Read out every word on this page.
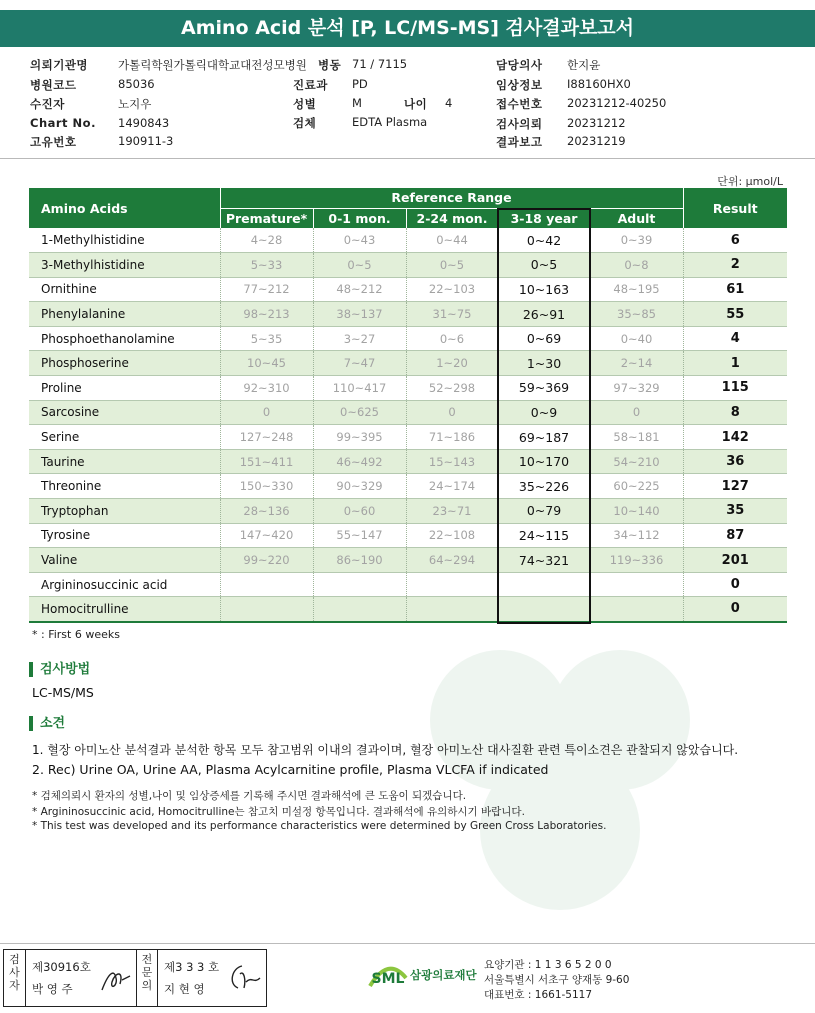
Amino Acid 분석 [P, LC/MS-MS] 검사결과보고서
의뢰기관명	가톨릭학원가톨릭대학교대전성모병원 병동 71 / 7115	담당의사 한지윤
병원코드	85036	진료과 PD	임상정보 I88160HX0
수진자	노지우	성별	M	나이 4	접수번호 20231212-40250
Chart No. 1490843	검체	EDTA Plasma	검사의뢰 20231212
고유번호	190911-3	결과보고 20231219
단위: μmol/L
Amino Acids	Reference Range					Result
	Premature*	0-1 mon.	2-24 mon.	3-18 year	Adult	
1-Methylhistidine	4~28	0~43	0~44	0~42	0~39	6
3-Methylhistidine	5~33	0~5	0~5	0~5	0~8	2
Ornithine	77~212	48~212	22~103	10~163	48~195	61
Phenylalanine	98~213	38~137	31~75	26~91	35~85	55
Phosphoethanolamine	5~35	3~27	0~6	0~69	0~40	4
Phosphoserine	10~45	7~47	1~20	1~30	2~14	1
Proline	92~310	110~417	52~298	59~369	97~329	115
Sarcosine	0	0~625	0	0~9	0	8
Serine	127~248	99~395	71~186	69~187	58~181	142
Taurine	151~411	46~492	15~143	10~170	54~210	36
Threonine	150~330	90~329	24~174	35~226	60~225	127
Tryptophan	28~136	0~60	23~71	0~79	10~140	35
Tyrosine	147~420	55~147	22~108	24~115	34~112	87
Valine	99~220	86~190	64~294	74~321	119~336	201
Argininosuccinic acid						0
Homocitrulline						0
* : First 6 weeks
검사방법
LC-MS/MS
소견
1. 혈장 아미노산 분석결과 분석한 항목 모두 참고범위 이내의 결과이며, 혈장 아미노산 대사질환 관련 특이소견은 관찰되지 않았습니다.
2. Rec) Urine OA, Urine AA, Plasma Acylcarnitine profile, Plasma VLCFA if indicated
* 검체의뢰시 환자의 성별,나이 및 임상증세를 기록해 주시면 결과해석에 큰 도움이 되겠습니다.
* Argininosuccinic acid, Homocitrulline는 참고치 미설정 항목입니다. 결과해석에 유의하시기 바랍니다.
* This test was developed and its performance characteristics were determined by Green Cross Laboratories.
검사자
제30916호
박 영 주
전문의
제3 3 3 호
지 현 영
SML 삼광의료재단
요양기관 : 1 1 3 6 5 2 0 0
서울특별시 서초구 양재동 9-60
대표번호 : 1661-5117
